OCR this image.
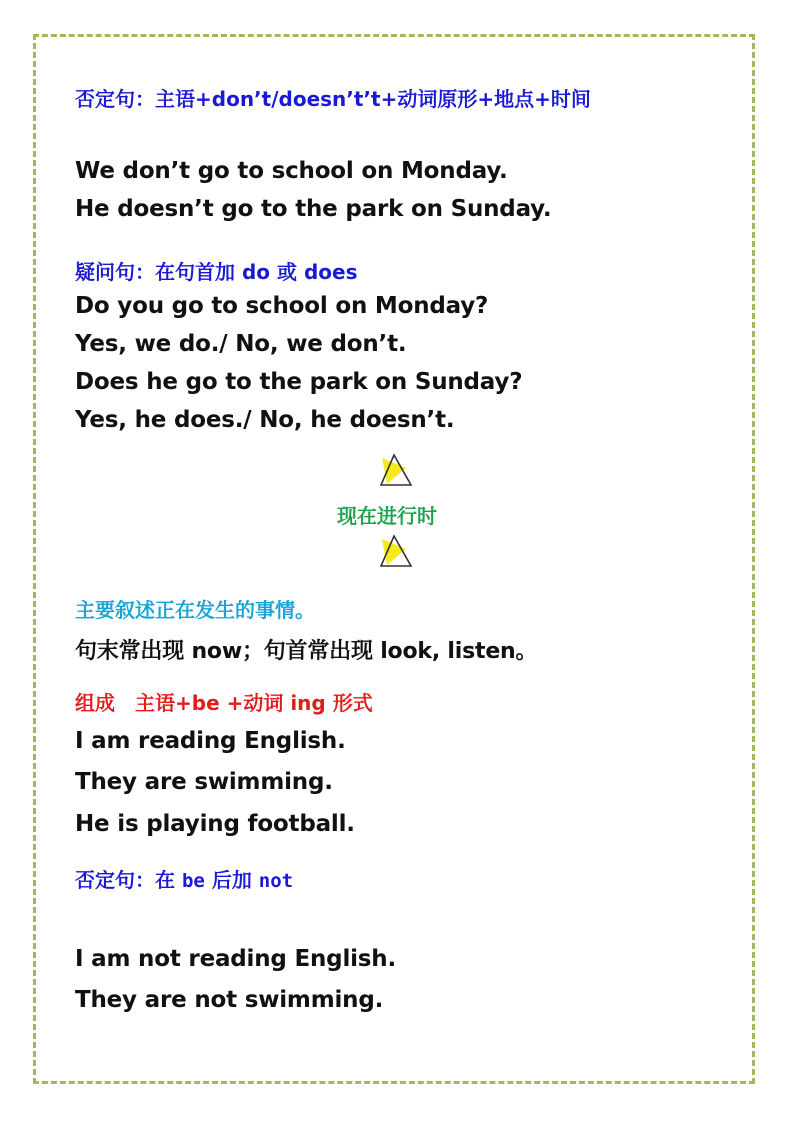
否定句：主语+don’t/doesn’t’t+动词原形+地点+时间
We don’t go to school on Monday.
He doesn’t go to the park on Sunday.
疑问句：在句首加 do 或 does
Do you go to school on Monday?
Yes, we do./ No, we don’t.
Does he go to the park on Sunday?
Yes, he does./ No, he doesn’t.
现在进行时
主要叙述正在发生的事情。
句末常出现 now；句首常出现 look, listen。
组成　主语+be +动词 ing 形式
I am reading English.
They are swimming.
He is playing football.
否定句：在 be 后加 not
I am not reading English.
They are not swimming.
